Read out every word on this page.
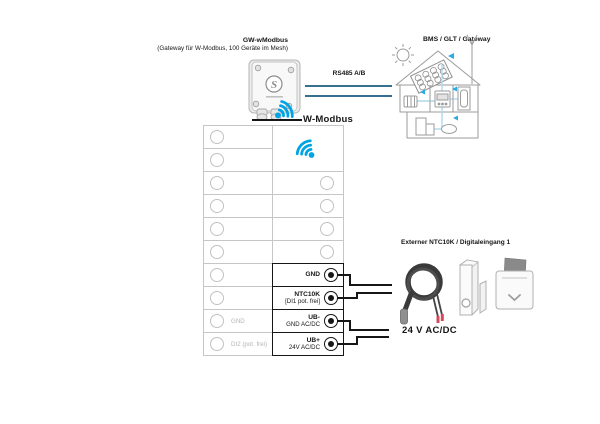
GW-wModbus
(Gateway für W-Modbus, 100 Geräte im Mesh)
S
RS485 A/B
BMS / GLT / Gateway
W-Modbus
GND
DI2 (pot. frei)
GND
NTC10K
[DI1 pot. frei]
UB-
GND AC/DC
UB+
24V AC/DC
Externer NTC10K / Digitaleingang 1
24 V AC/DC
